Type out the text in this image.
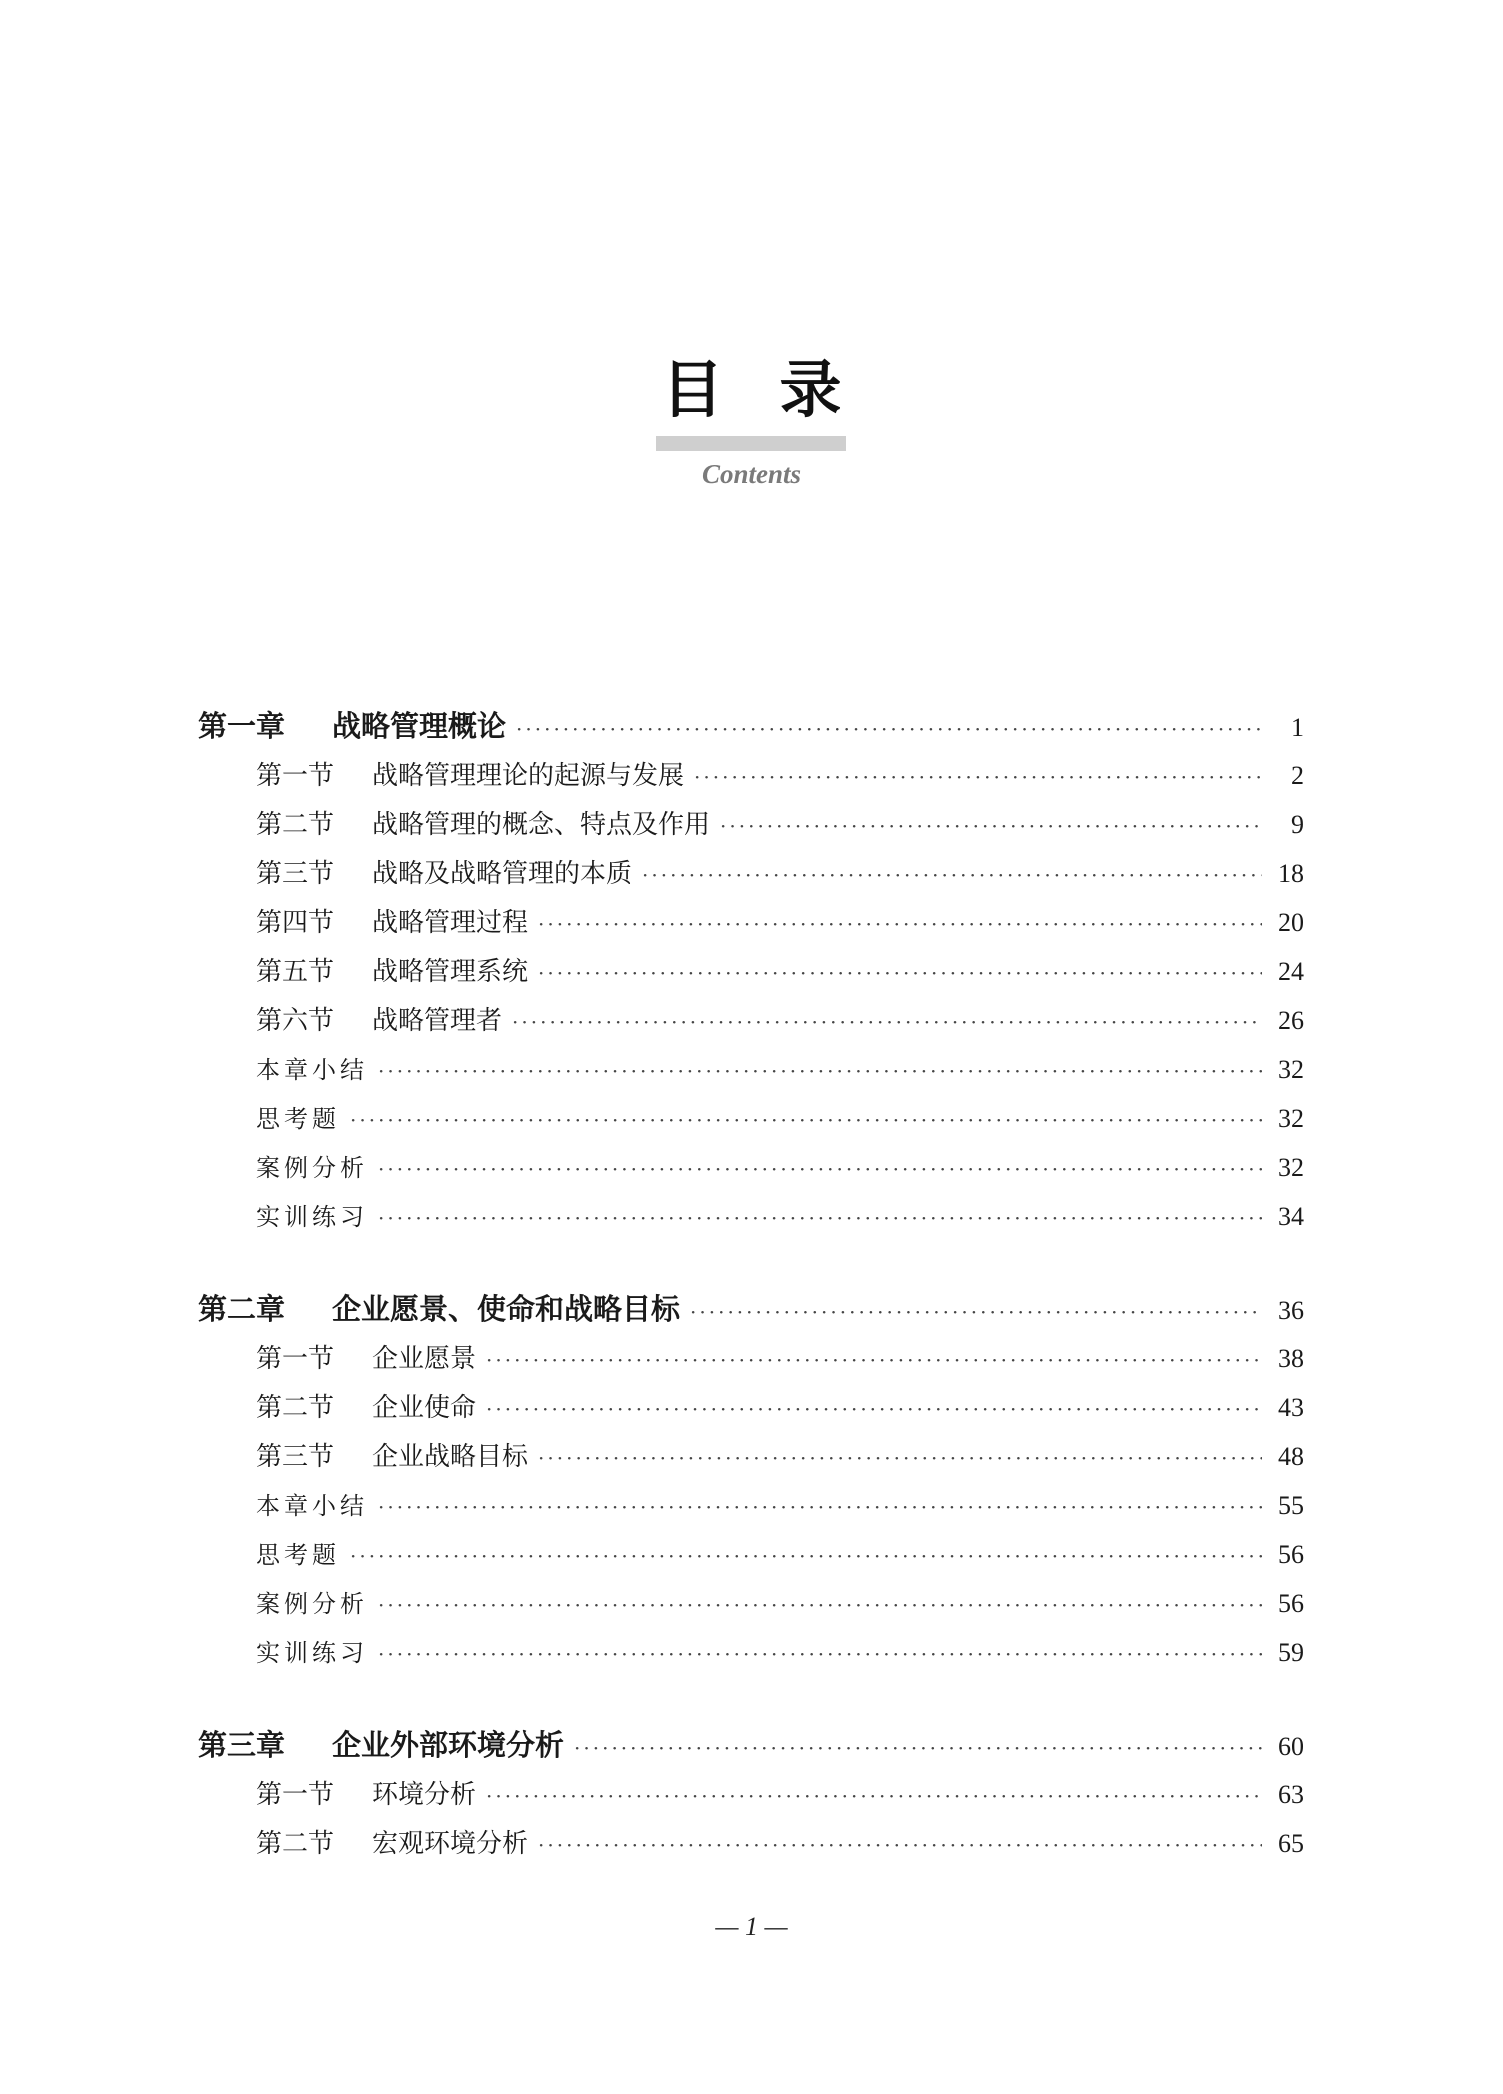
目录
Contents
第一章	战略管理概论 ·····	1
第一节	战略管理理论的起源与发展 ·····	2
第二节	战略管理的概念、特点及作用 ·····	9
第三节	战略及战略管理的本质 ·····	18
第四节	战略管理过程 ·····	20
第五节	战略管理系统 ·····	24
第六节	战略管理者 ·····	26
本章小结 ·····	32
思考题 ·····	32
案例分析 ·····	32
实训练习 ·····	34
第二章	企业愿景、使命和战略目标 ·····	36
第一节	企业愿景 ·····	38
第二节	企业使命 ·····	43
第三节	企业战略目标 ·····	48
本章小结 ·····	55
思考题 ·····	56
案例分析 ·····	56
实训练习 ·····	59
第三章	企业外部环境分析 ·····	60
第一节	环境分析 ·····	63
第二节	宏观环境分析 ·····	65
— 1 —
